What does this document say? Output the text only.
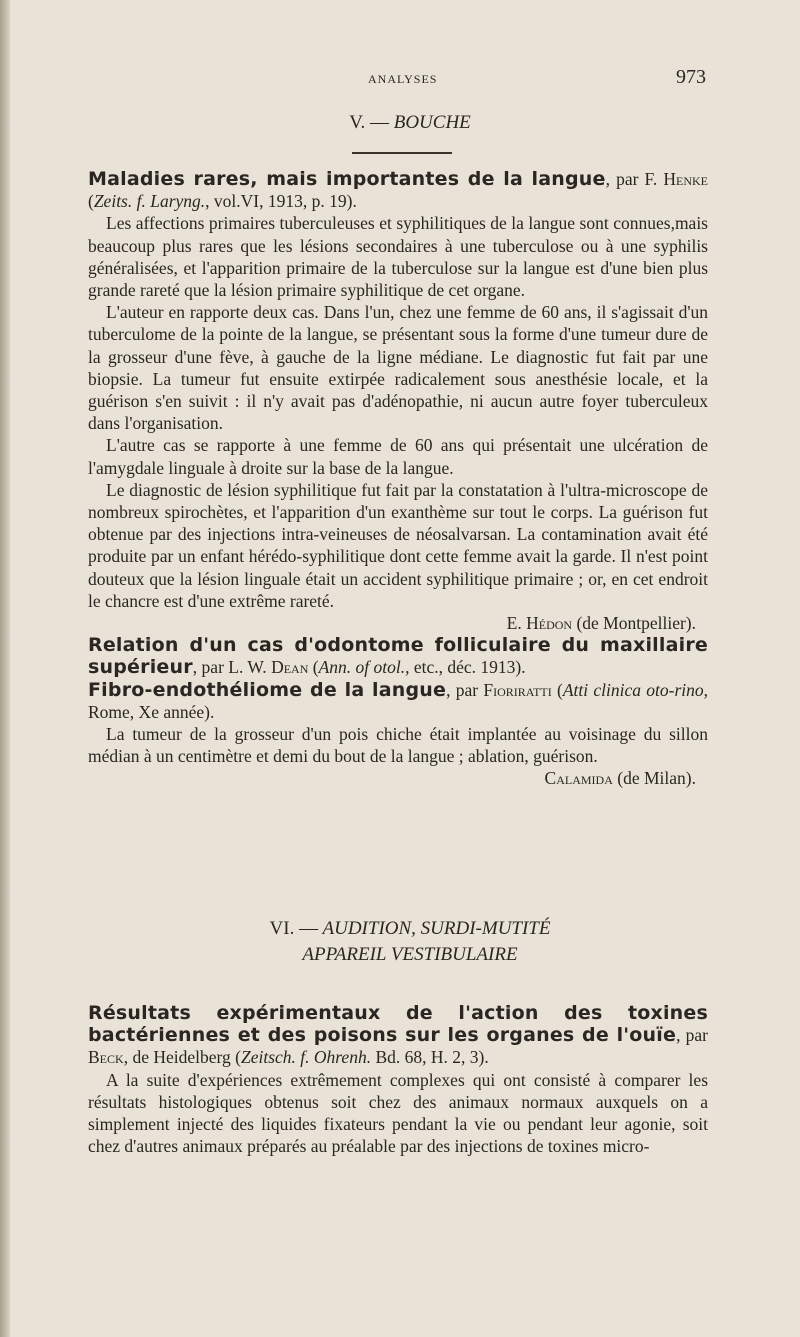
ANALYSES	973
V. — BOUCHE

Maladies rares, mais importantes de la langue, par F. Henke (Zeits. f. Laryng., vol.VI, 1913, p. 19).

Les affections primaires tuberculeuses et syphilitiques de la langue sont connues,mais beaucoup plus rares que les lésions secondaires à une tuberculose ou à une syphilis généralisées, et l'apparition primaire de la tuberculose sur la langue est d'une bien plus grande rareté que la lésion primaire syphilitique de cet organe.

L'auteur en rapporte deux cas. Dans l'un, chez une femme de 60 ans, il s'agissait d'un tuberculome de la pointe de la langue, se présentant sous la forme d'une tumeur dure de la grosseur d'une fève, à gauche de la ligne médiane. Le diagnostic fut fait par une biopsie. La tumeur fut ensuite extirpée radicalement sous anesthésie locale, et la guérison s'en suivit : il n'y avait pas d'adénopathie, ni aucun autre foyer tuberculeux dans l'organisation.

L'autre cas se rapporte à une femme de 60 ans qui présentait une ulcération de l'amygdale linguale à droite sur la base de la langue.

Le diagnostic de lésion syphilitique fut fait par la constatation à l'ultra-microscope de nombreux spirochètes, et l'apparition d'un exanthème sur tout le corps. La guérison fut obtenue par des injections intra-veineuses de néosalvarsan. La contamination avait été produite par un enfant hérédo-syphilitique dont cette femme avait la garde. Il n'est point douteux que la lésion linguale était un accident syphilitique primaire ; or, en cet endroit le chancre est d'une extrême rareté.
E. Hédon (de Montpellier).

Relation d'un cas d'odontome folliculaire du maxillaire supérieur, par L. W. Dean (Ann. of otol., etc., déc. 1913).

Fibro-endothéliome de la langue, par Fioriratti (Atti clinica oto-rino, Rome, Xe année).

La tumeur de la grosseur d'un pois chiche était implantée au voisinage du sillon médian à un centimètre et demi du bout de la langue ; ablation, guérison.
Calamida (de Milan).

VI. — AUDITION, SURDI-MUTITÉ
APPAREIL VESTIBULAIRE

Résultats expérimentaux de l'action des toxines bactériennes et des poisons sur les organes de l'ouïe, par Beck, de Heidelberg (Zeitsch. f. Ohrenh. Bd. 68, H. 2, 3).

A la suite d'expériences extrêmement complexes qui ont consisté à comparer les résultats histologiques obtenus soit chez des animaux normaux auxquels on a simplement injecté des liquides fixateurs pendant la vie ou pendant leur agonie, soit chez d'autres animaux préparés au préalable par des injections de toxines micro-
